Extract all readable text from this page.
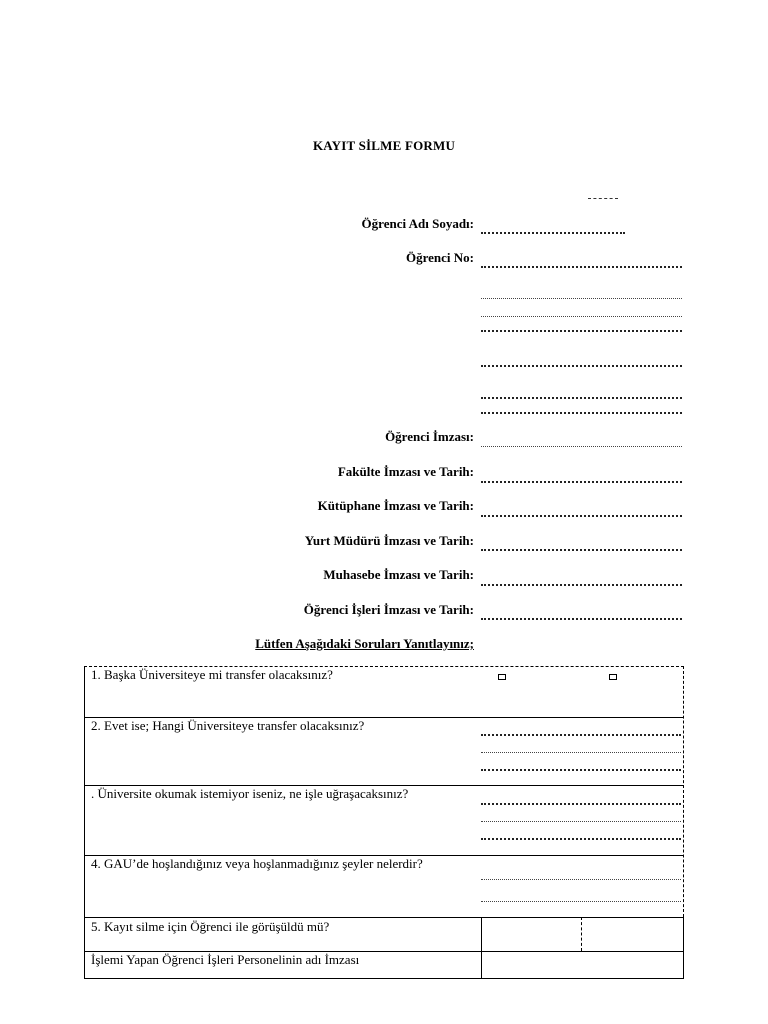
KAYIT SİLME FORMU
Öğrenci Adı Soyadı:
Öğrenci No:
Öğrenci İmzası:
Fakülte İmzası ve Tarih:
Kütüphane İmzası ve Tarih:
Yurt Müdürü İmzası ve Tarih:
Muhasebe İmzası ve Tarih:
Öğrenci İşleri İmzası ve Tarih:
Lütfen Aşağıdaki Soruları Yanıtlayınız;
1. Başka Üniversiteye mi transfer olacaksınız?
2. Evet ise; Hangi Üniversiteye transfer olacaksınız?
. Üniversite okumak istemiyor iseniz, ne işle uğraşacaksınız?
4. GAU’de hoşlandığınız veya hoşlanmadığınız şeyler nelerdir?
5. Kayıt silme için Öğrenci ile görüşüldü mü?
İşlemi Yapan Öğrenci İşleri Personelinin adı İmzası
